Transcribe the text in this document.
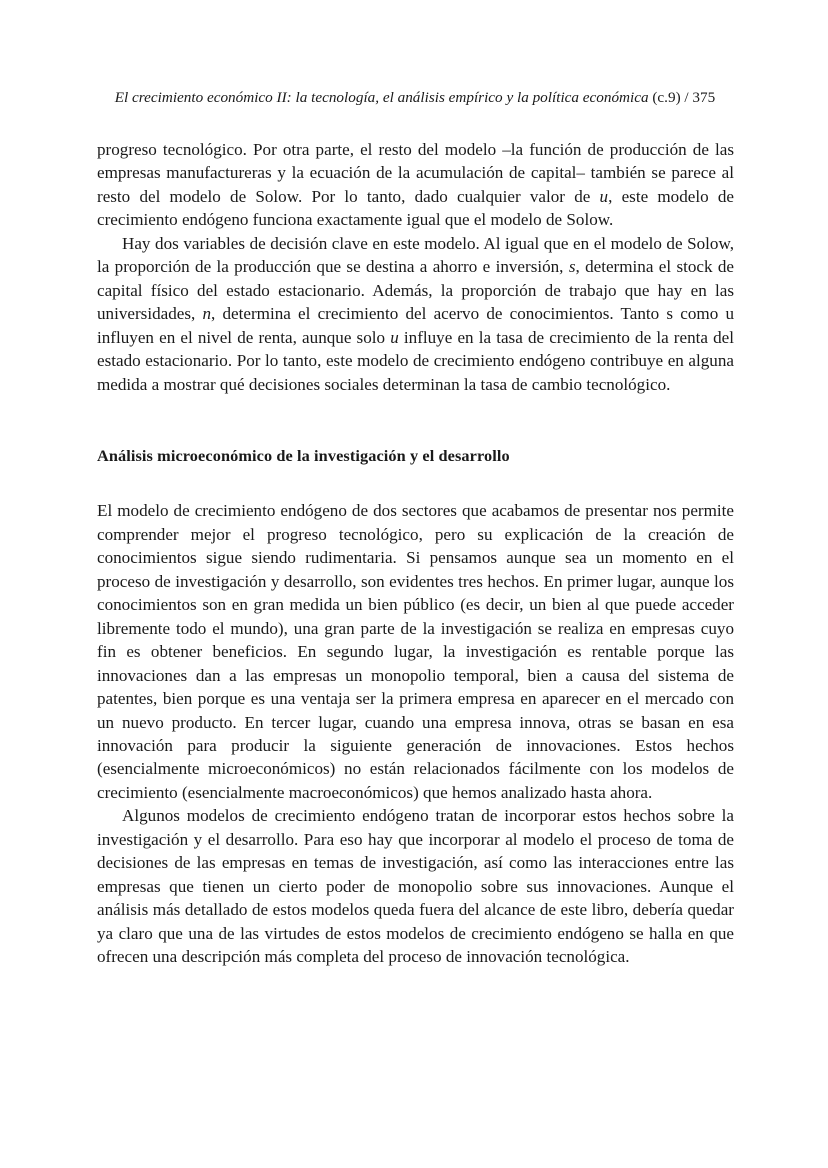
El crecimiento económico II: la tecnología, el análisis empírico y la política económica (c.9) / 375

progreso tecnológico. Por otra parte, el resto del modelo –la función de producción de las empresas manufactureras y la ecuación de la acumulación de capital– también se parece al resto del modelo de Solow. Por lo tanto, dado cualquier valor de u, este modelo de crecimiento endógeno funciona exactamente igual que el modelo de Solow.

Hay dos variables de decisión clave en este modelo. Al igual que en el modelo de Solow, la proporción de la producción que se destina a ahorro e inversión, s, determina el stock de capital físico del estado estacionario. Además, la proporción de trabajo que hay en las universidades, n, determina el crecimiento del acervo de conocimientos. Tanto s como u influyen en el nivel de renta, aunque solo u influye en la tasa de crecimiento de la renta del estado estacionario. Por lo tanto, este modelo de crecimiento endógeno contribuye en alguna medida a mostrar qué decisiones sociales determinan la tasa de cambio tecnológico.

Análisis microeconómico de la investigación y el desarrollo

El modelo de crecimiento endógeno de dos sectores que acabamos de presentar nos permite comprender mejor el progreso tecnológico, pero su explicación de la creación de conocimientos sigue siendo rudimentaria. Si pensamos aunque sea un momento en el proceso de investigación y desarrollo, son evidentes tres hechos. En primer lugar, aunque los conocimientos son en gran medida un bien público (es decir, un bien al que puede acceder libremente todo el mundo), una gran parte de la investigación se realiza en empresas cuyo fin es obtener beneficios. En segundo lugar, la investigación es rentable porque las innovaciones dan a las empresas un monopolio temporal, bien a causa del sistema de patentes, bien porque es una ventaja ser la primera empresa en aparecer en el mercado con un nuevo producto. En tercer lugar, cuando una empresa innova, otras se basan en esa innovación para producir la siguiente generación de innovaciones. Estos hechos (esencialmente microeconómicos) no están relacionados fácilmente con los modelos de crecimiento (esencialmente macroeconómicos) que hemos analizado hasta ahora.

Algunos modelos de crecimiento endógeno tratan de incorporar estos hechos sobre la investigación y el desarrollo. Para eso hay que incorporar al modelo el proceso de toma de decisiones de las empresas en temas de investigación, así como las interacciones entre las empresas que tienen un cierto poder de monopolio sobre sus innovaciones. Aunque el análisis más detallado de estos modelos queda fuera del alcance de este libro, debería quedar ya claro que una de las virtudes de estos modelos de crecimiento endógeno se halla en que ofrecen una descripción más completa del proceso de innovación tecnológica.
